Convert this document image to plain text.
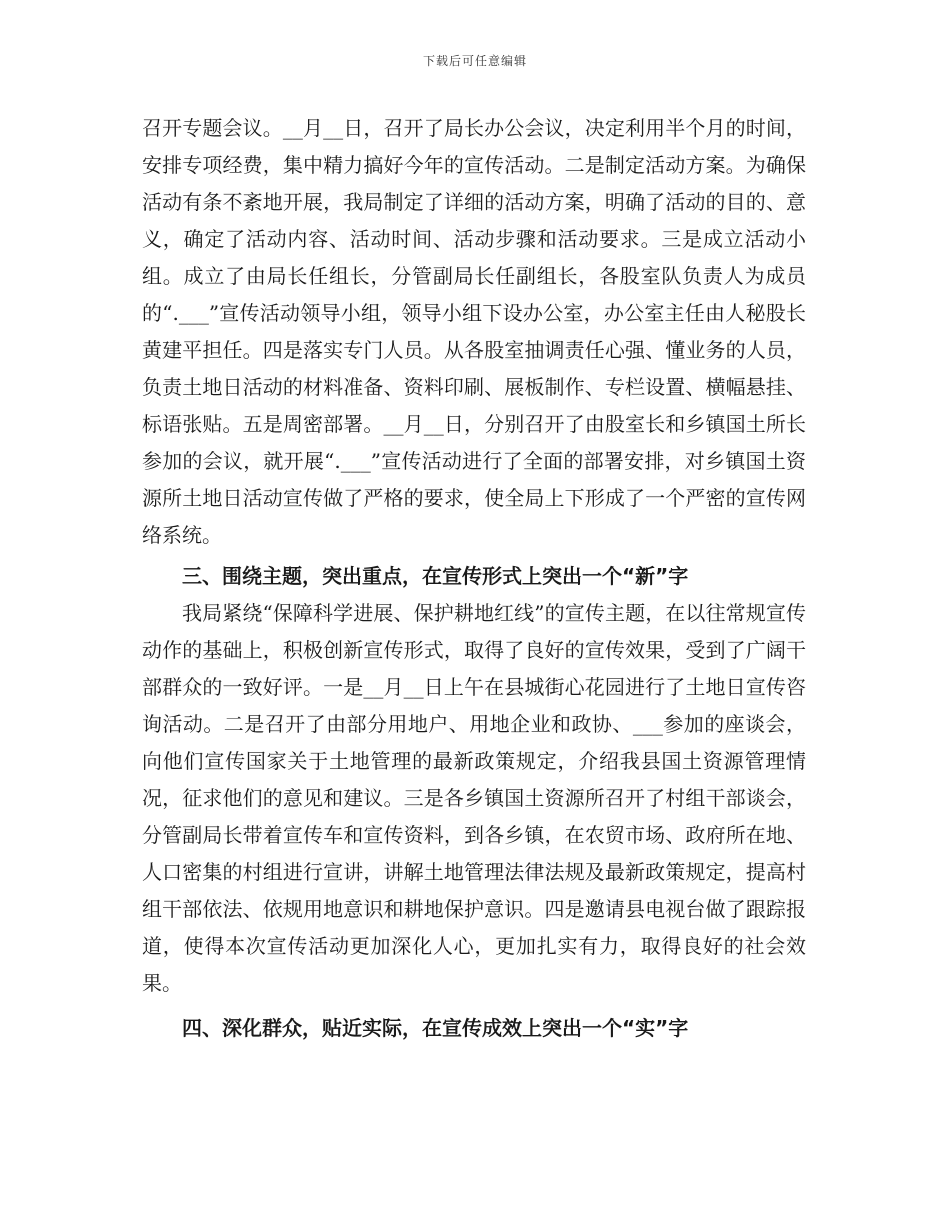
下载后可任意编辑

召开专题会议。__月__日，召开了局长办公会议，决定利用半个月的时间，安排专项经费，集中精力搞好今年的宣传活动。二是制定活动方案。为确保活动有条不紊地开展，我局制定了详细的活动方案，明确了活动的目的、意义，确定了活动内容、活动时间、活动步骤和活动要求。三是成立活动小组。成立了由局长任组长，分管副局长任副组长，各股室队负责人为成员的“.___”宣传活动领导小组，领导小组下设办公室，办公室主任由人秘股长黄建平担任。四是落实专门人员。从各股室抽调责任心强、懂业务的人员，负责土地日活动的材料准备、资料印刷、展板制作、专栏设置、横幅悬挂、标语张贴。五是周密部署。__月__日，分别召开了由股室长和乡镇国土所长参加的会议，就开展“.___”宣传活动进行了全面的部署安排，对乡镇国土资源所土地日活动宣传做了严格的要求，使全局上下形成了一个严密的宣传网络系统。

三、围绕主题，突出重点，在宣传形式上突出一个“新”字

我局紧绕“保障科学进展、保护耕地红线”的宣传主题，在以往常规宣传动作的基础上，积极创新宣传形式，取得了良好的宣传效果，受到了广阔干部群众的一致好评。一是__月__日上午在县城街心花园进行了土地日宣传咨询活动。二是召开了由部分用地户、用地企业和政协、___参加的座谈会，向他们宣传国家关于土地管理的最新政策规定，介绍我县国土资源管理情况，征求他们的意见和建议。三是各乡镇国土资源所召开了村组干部谈会，分管副局长带着宣传车和宣传资料，到各乡镇，在农贸市场、政府所在地、人口密集的村组进行宣讲，讲解土地管理法律法规及最新政策规定，提高村组干部依法、依规用地意识和耕地保护意识。四是邀请县电视台做了跟踪报道，使得本次宣传活动更加深化人心，更加扎实有力，取得良好的社会效果。

四、深化群众，贴近实际，在宣传成效上突出一个“实”字
